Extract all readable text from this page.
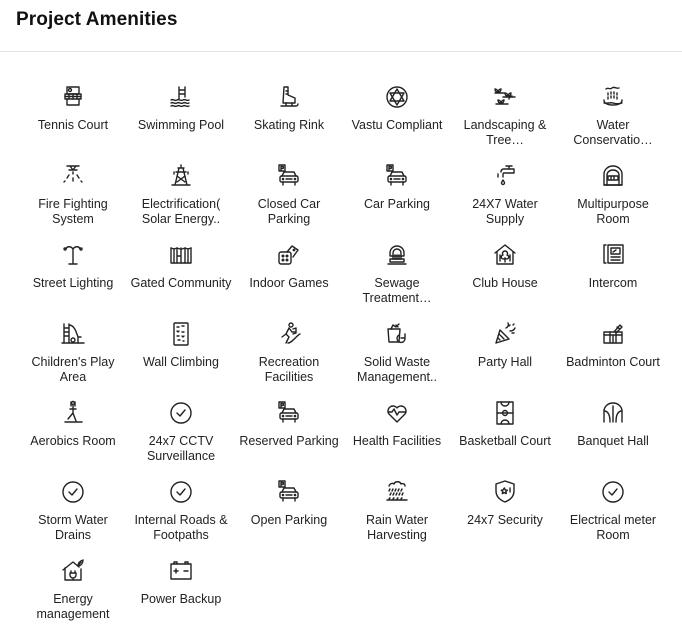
Project Amenities
Tennis Court	Swimming Pool	Skating Rink	Vastu Compliant	Landscaping & Tree…
Water Conservatio…
Fire Fighting System
Electrification( Solar Energy..
Closed Car Parking
Car Parking	24X7 Water Supply
Multipurpose Room
Street Lighting	Gated Community	Indoor Games	Sewage Treatment…
Club House	Intercom
Children's Play Area
Wall Climbing	Recreation Facilities
Solid Waste Management..
Party Hall	Badminton Court
Aerobics Room	24x7 CCTV Surveillance
Reserved Parking	Health Facilities	Basketball Court	Banquet Hall
Storm Water Drains
Internal Roads & Footpaths
Open Parking	Rain Water Harvesting
24x7 Security	Electrical meter Room
Energy management
Power Backup
